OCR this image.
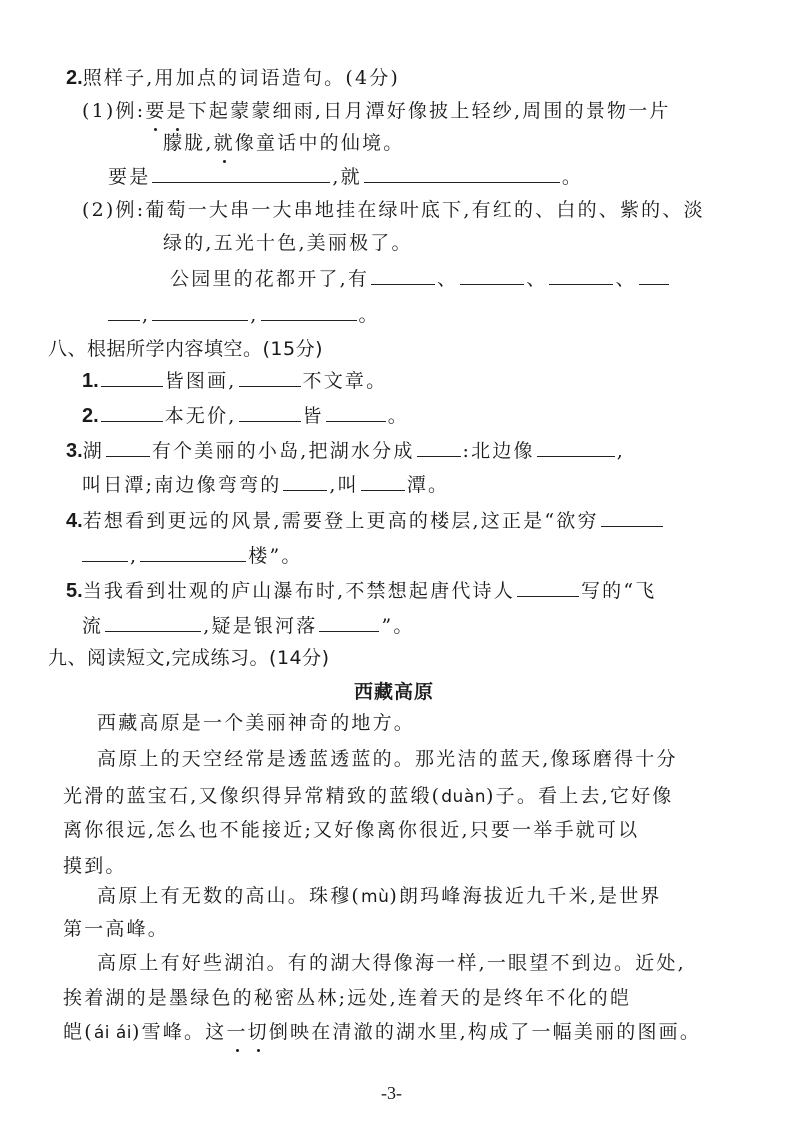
2.照样子,用加点的词语造句。(4分)
(1)例:要是下起蒙蒙细雨,日月潭好像披上轻纱,周围的景物一片
朦胧,就像童话中的仙境。
要是	,就	。
(2)例:葡萄一大串一大串地挂在绿叶底下,有红的、白的、紫的、淡
绿的,五光十色,美丽极了。
公园里的花都开了,有	、	、	、
,	,	。
八、根据所学内容填空。(15分)
1.	皆图画,	不文章。
2.	本无价,	皆	。
3.湖	有个美丽的小岛,把湖水分成	:北边像	,
叫日潭;南边像弯弯的	,叫	潭。
4.若想看到更远的风景,需要登上更高的楼层,这正是“欲穷
,	楼”。
5.当我看到壮观的庐山瀑布时,不禁想起唐代诗人	写的“飞
流	,疑是银河落	”。
九、阅读短文,完成练习。(14分)
西藏高原
西藏高原是一个美丽神奇的地方。
高原上的天空经常是透蓝透蓝的。那光洁的蓝天,像琢磨得十分
光滑的蓝宝石,又像织得异常精致的蓝缎(duàn)子。看上去,它好像
离你很远,怎么也不能接近;又好像离你很近,只要一举手就可以
摸到。
高原上有无数的高山。珠穆(mù)朗玛峰海拔近九千米,是世界
第一高峰。
高原上有好些湖泊。有的湖大得像海一样,一眼望不到边。近处,
挨着湖的是墨绿色的秘密丛林;远处,连着天的是终年不化的皑
皑(ái ái)雪峰。这一切倒映在清澈的湖水里,构成了一幅美丽的图画。
-3-
